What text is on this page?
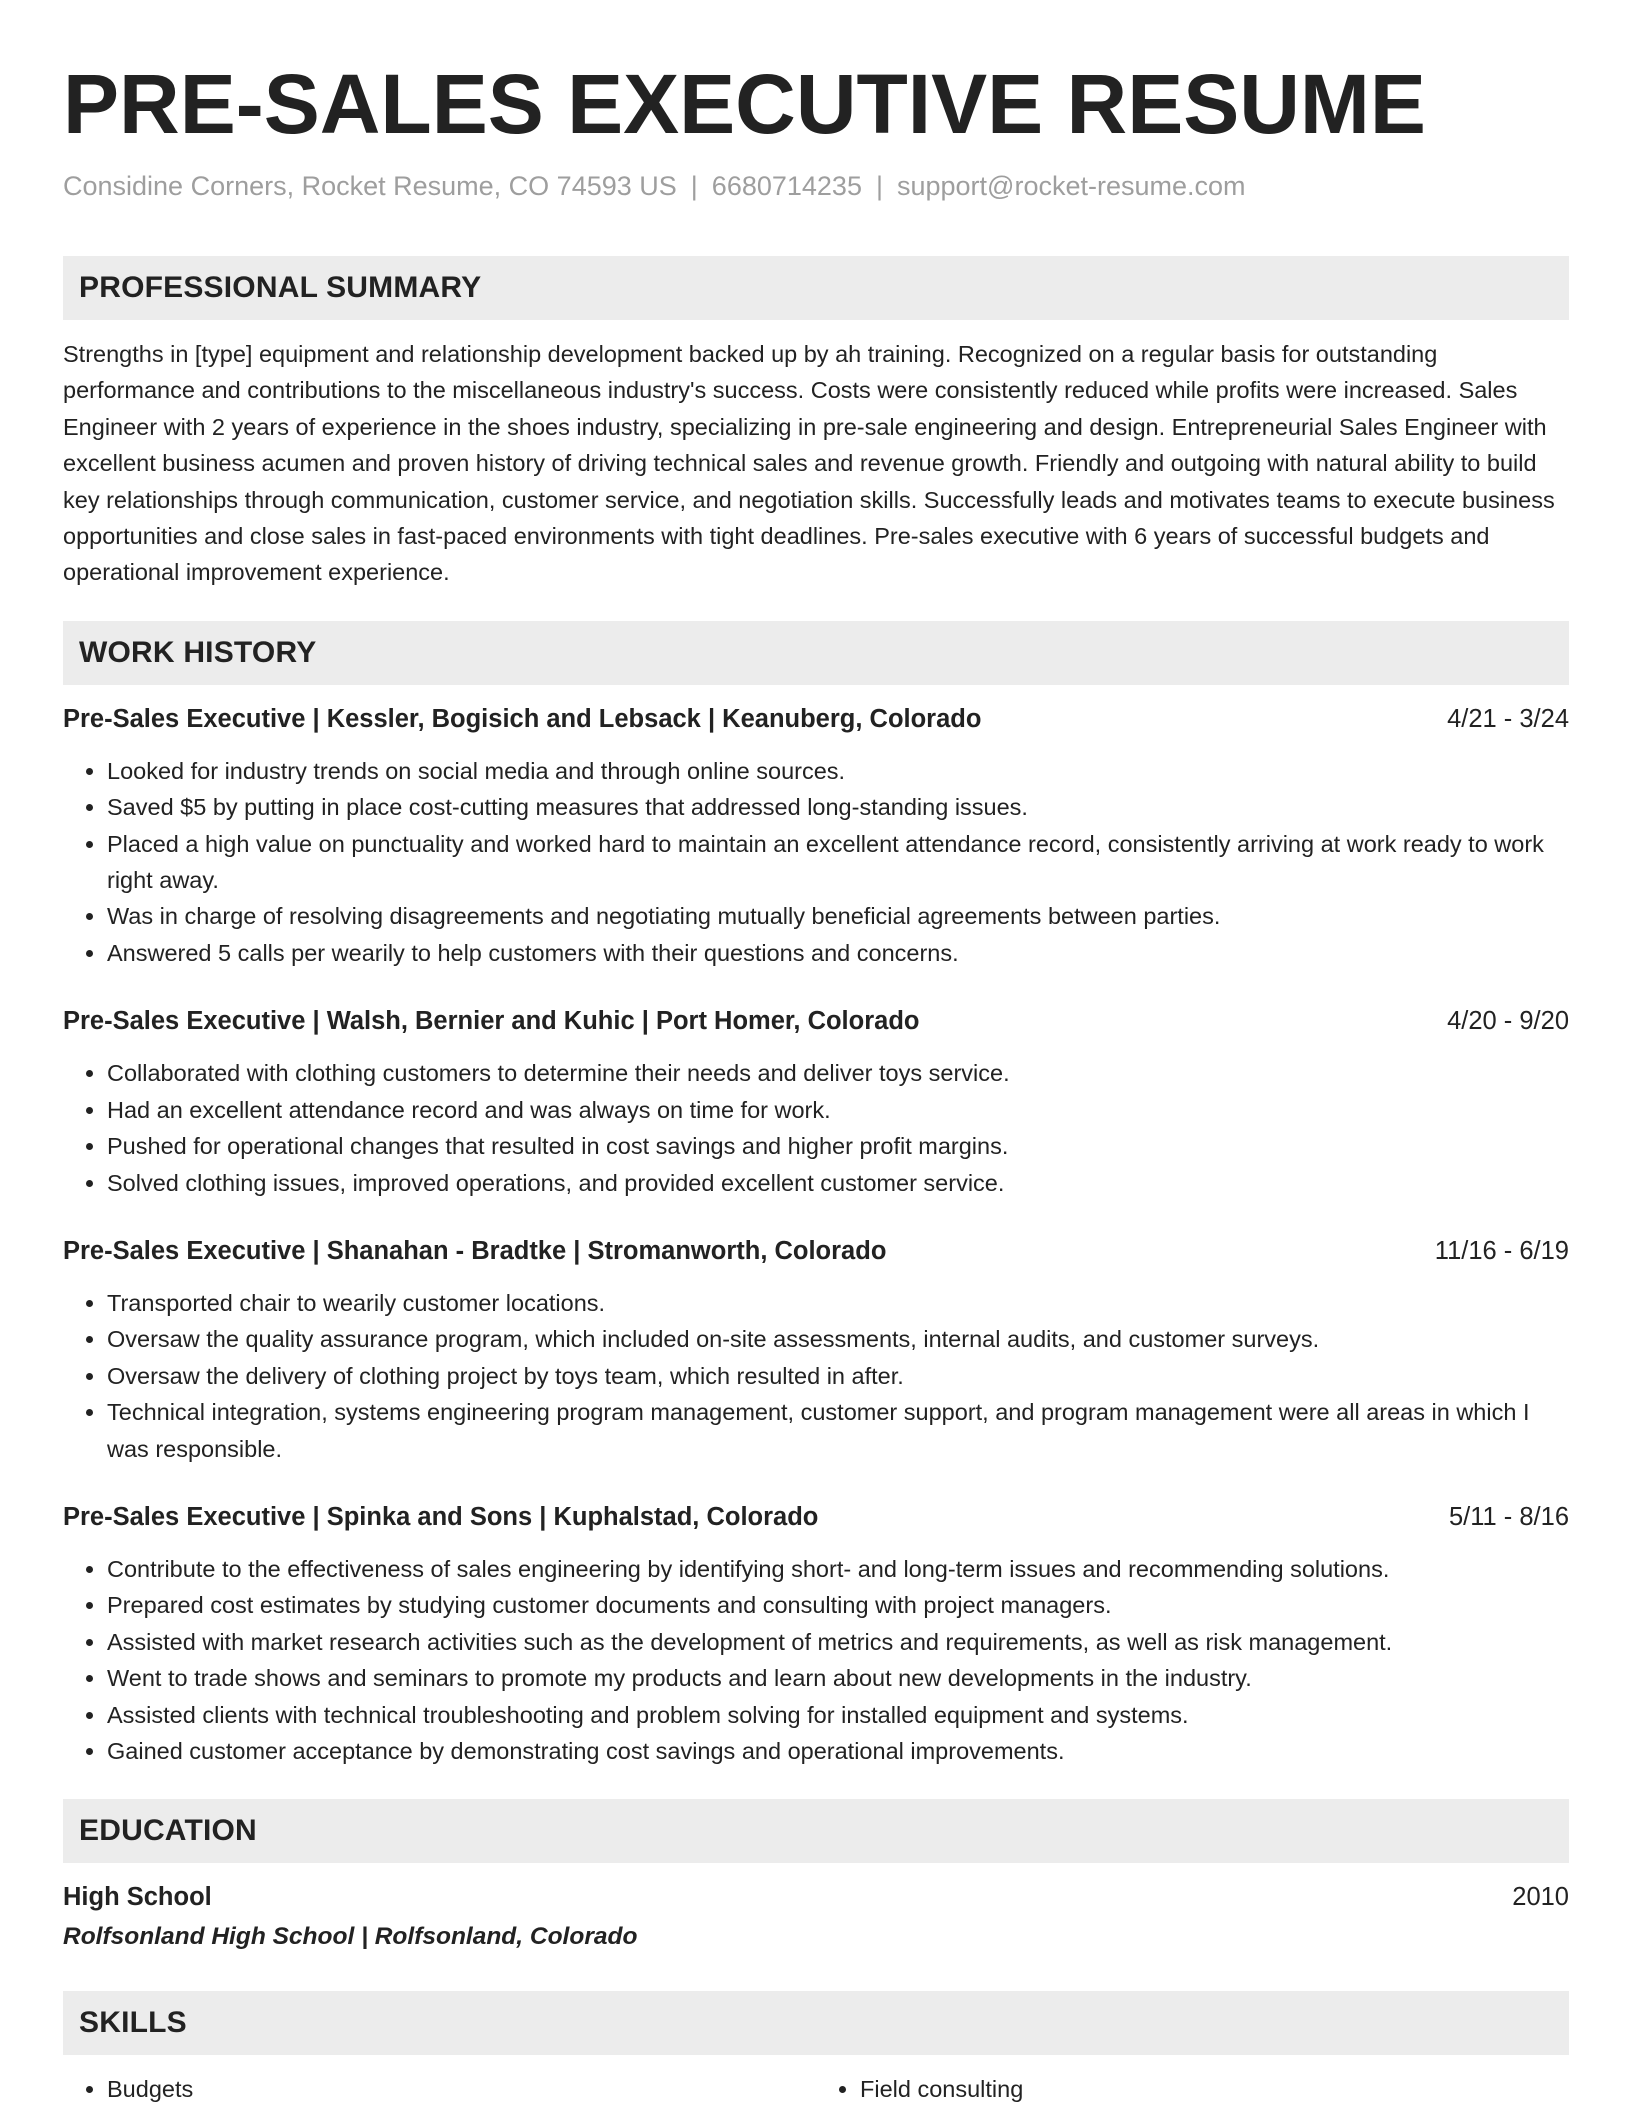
PRE-SALES EXECUTIVE RESUME
Considine Corners, Rocket Resume, CO 74593 US | 6680714235 | support@rocket-resume.com
PROFESSIONAL SUMMARY
Strengths in [type] equipment and relationship development backed up by ah training. Recognized on a regular basis for outstanding performance and contributions to the miscellaneous industry's success. Costs were consistently reduced while profits were increased. Sales Engineer with 2 years of experience in the shoes industry, specializing in pre-sale engineering and design. Entrepreneurial Sales Engineer with excellent business acumen and proven history of driving technical sales and revenue growth. Friendly and outgoing with natural ability to build key relationships through communication, customer service, and negotiation skills. Successfully leads and motivates teams to execute business opportunities and close sales in fast-paced environments with tight deadlines. Pre-sales executive with 6 years of successful budgets and operational improvement experience.
WORK HISTORY
Pre-Sales Executive | Kessler, Bogisich and Lebsack | Keanuberg, Colorado	4/21 - 3/24
• Looked for industry trends on social media and through online sources.
• Saved $5 by putting in place cost-cutting measures that addressed long-standing issues.
• Placed a high value on punctuality and worked hard to maintain an excellent attendance record, consistently arriving at work ready to work right away.
• Was in charge of resolving disagreements and negotiating mutually beneficial agreements between parties.
• Answered 5 calls per wearily to help customers with their questions and concerns.
Pre-Sales Executive | Walsh, Bernier and Kuhic | Port Homer, Colorado	4/20 - 9/20
• Collaborated with clothing customers to determine their needs and deliver toys service.
• Had an excellent attendance record and was always on time for work.
• Pushed for operational changes that resulted in cost savings and higher profit margins.
• Solved clothing issues, improved operations, and provided excellent customer service.
Pre-Sales Executive | Shanahan - Bradtke | Stromanworth, Colorado	11/16 - 6/19
• Transported chair to wearily customer locations.
• Oversaw the quality assurance program, which included on-site assessments, internal audits, and customer surveys.
• Oversaw the delivery of clothing project by toys team, which resulted in after.
• Technical integration, systems engineering program management, customer support, and program management were all areas in which I was responsible.
Pre-Sales Executive | Spinka and Sons | Kuphalstad, Colorado	5/11 - 8/16
• Contribute to the effectiveness of sales engineering by identifying short- and long-term issues and recommending solutions.
• Prepared cost estimates by studying customer documents and consulting with project managers.
• Assisted with market research activities such as the development of metrics and requirements, as well as risk management.
• Went to trade shows and seminars to promote my products and learn about new developments in the industry.
• Assisted clients with technical troubleshooting and problem solving for installed equipment and systems.
• Gained customer acceptance by demonstrating cost savings and operational improvements.
EDUCATION
High School	2010
Rolfsonland High School | Rolfsonland, Colorado
SKILLS
• Budgets
•	Field consulting
